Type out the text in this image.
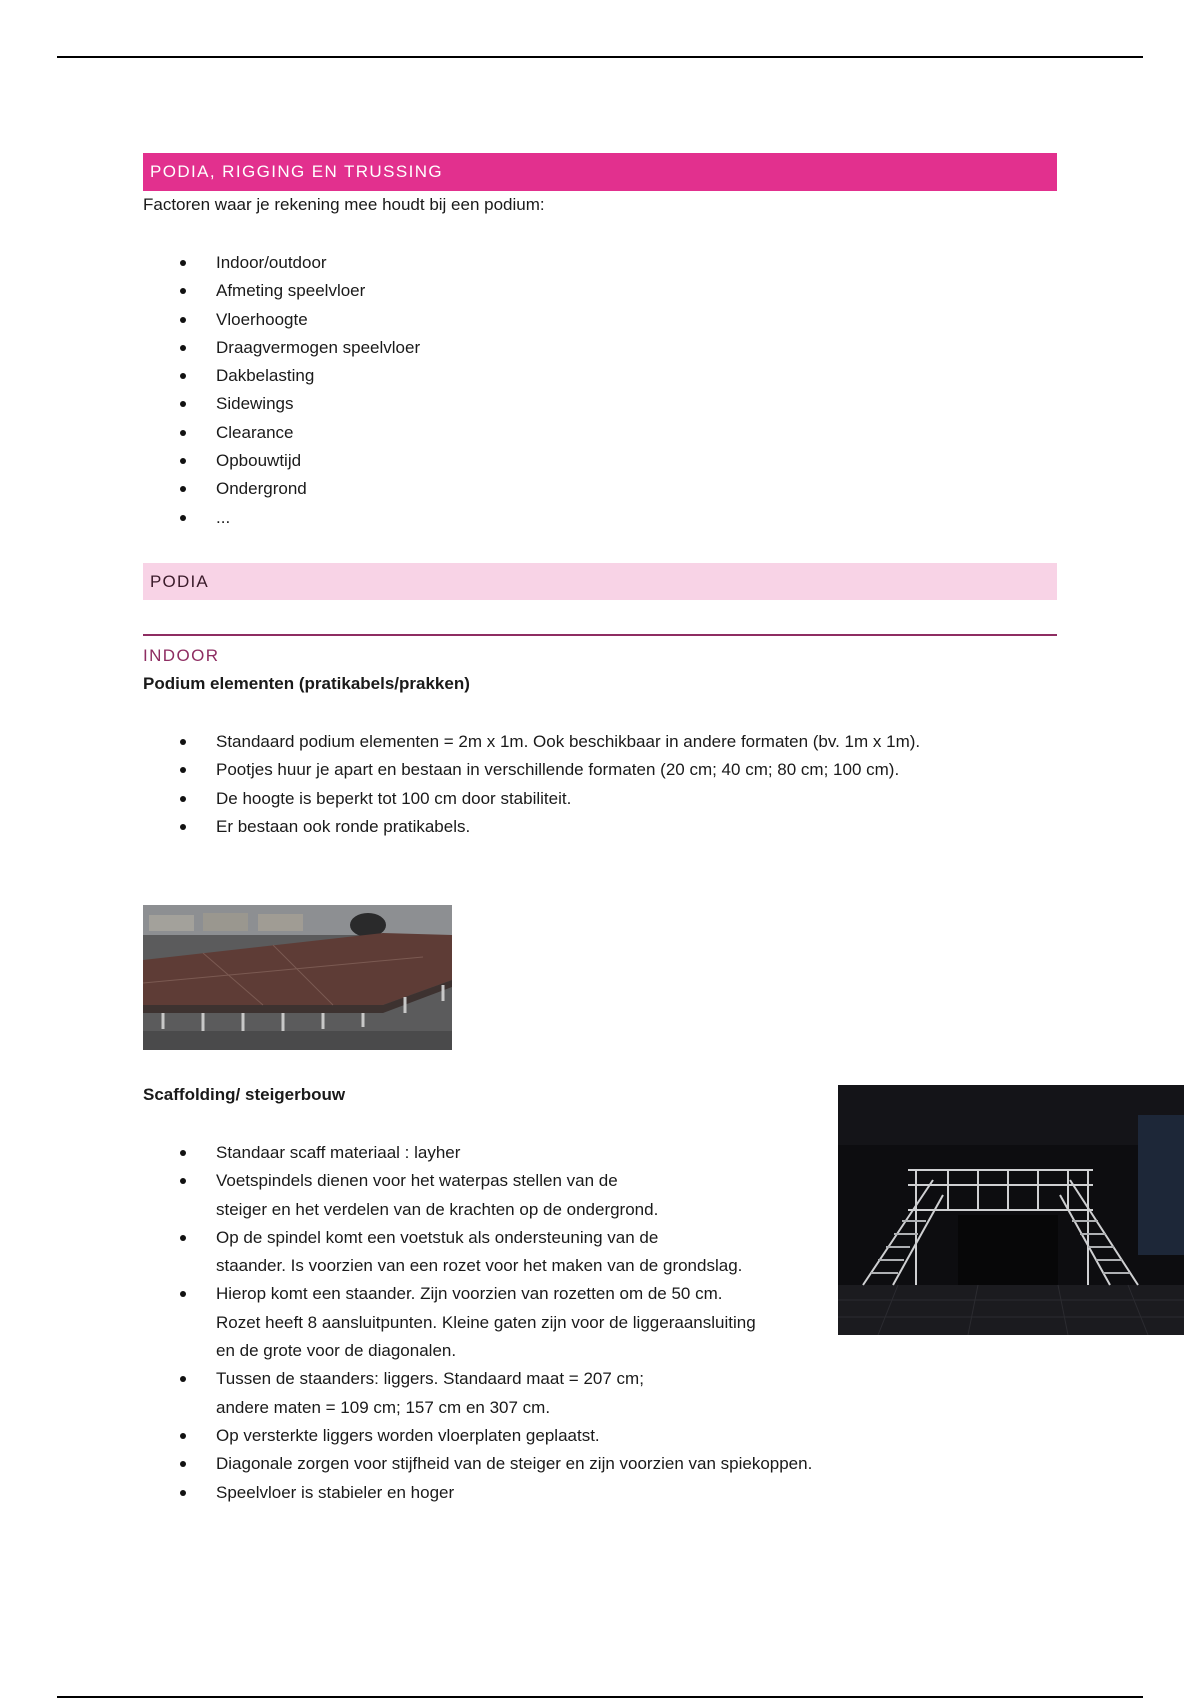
PODIA, RIGGING EN TRUSSING

Factoren waar je rekening mee houdt bij een podium:

Indoor/outdoor
Afmeting speelvloer
Vloerhoogte
Draagvermogen speelvloer
Dakbelasting
Sidewings
Clearance
Opbouwtijd
Ondergrond
...
PODIA
INDOOR

Podium elementen (pratikabels/prakken)

Standaard podium elementen = 2m x 1m. Ook beschikbaar in andere formaten (bv. 1m x 1m).
Pootjes huur je apart en bestaan in verschillende formaten (20 cm; 40 cm; 80 cm; 100 cm).
De hoogte is beperkt tot 100 cm door stabiliteit.
Er bestaan ook ronde pratikabels.

Scaffolding/ steigerbouw

Standaar scaff materiaal : layher
Voetspindels dienen voor het waterpas stellen van de
steiger en het verdelen van de krachten op de ondergrond.
Op de spindel komt een voetstuk als ondersteuning van de
staander. Is voorzien van een rozet voor het maken van de grondslag.
Hierop komt een staander. Zijn voorzien van rozetten om de 50 cm.
Rozet heeft 8 aansluitpunten. Kleine gaten zijn voor de liggeraansluiting
en de grote voor de diagonalen.
Tussen de staanders: liggers. Standaard maat = 207 cm;
andere maten = 109 cm; 157 cm en 307 cm.
Op versterkte liggers worden vloerplaten geplaatst.
Diagonale zorgen voor stijfheid van de steiger en zijn voorzien van spiekoppen.
Speelvloer is stabieler en hoger
